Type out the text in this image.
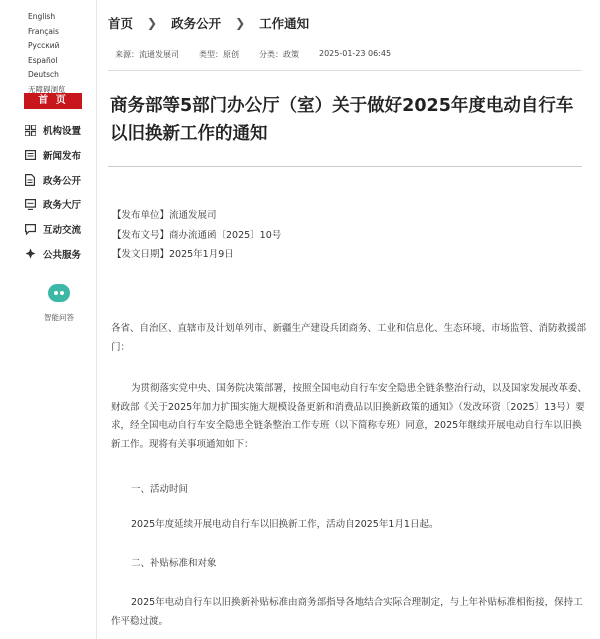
English Français
Русский Español
Deutsch
无障碍浏览
首 页
机构设置
新闻发布
政务公开
政务大厅
互动交流
公共服务
智能问答
首页 ❯ 政务公开 ❯ 工作通知
来源：流通发展司	类型：原创	分类：政策	2025-01-23 06:45
商务部等5部门办公厅（室）关于做好2025年度电动自行车以旧换新工作的通知
【发布单位】流通发展司
【发布文号】商办流通函〔2025〕10号
【发文日期】2025年1月9日

各省、自治区、直辖市及计划单列市、新疆生产建设兵团商务、工业和信息化、生态环境、市场监管、消防救援部门：

为贯彻落实党中央、国务院决策部署，按照全国电动自行车安全隐患全链条整治行动，以及国家发展改革委、财政部《关于2025年加力扩围实施大规模设备更新和消费品以旧换新政策的通知》（发改环资〔2025〕13号）要求，经全国电动自行车安全隐患全链条整治工作专班（以下简称专班）同意，2025年继续开展电动自行车以旧换新工作。现将有关事项通知如下：

一、活动时间

2025年度延续开展电动自行车以旧换新工作，活动自2025年1月1日起。

二、补贴标准和对象

2025年电动自行车以旧换新补贴标准由商务部指导各地结合实际合理制定，与上年补贴标准相衔接，保持工作平稳过渡。
